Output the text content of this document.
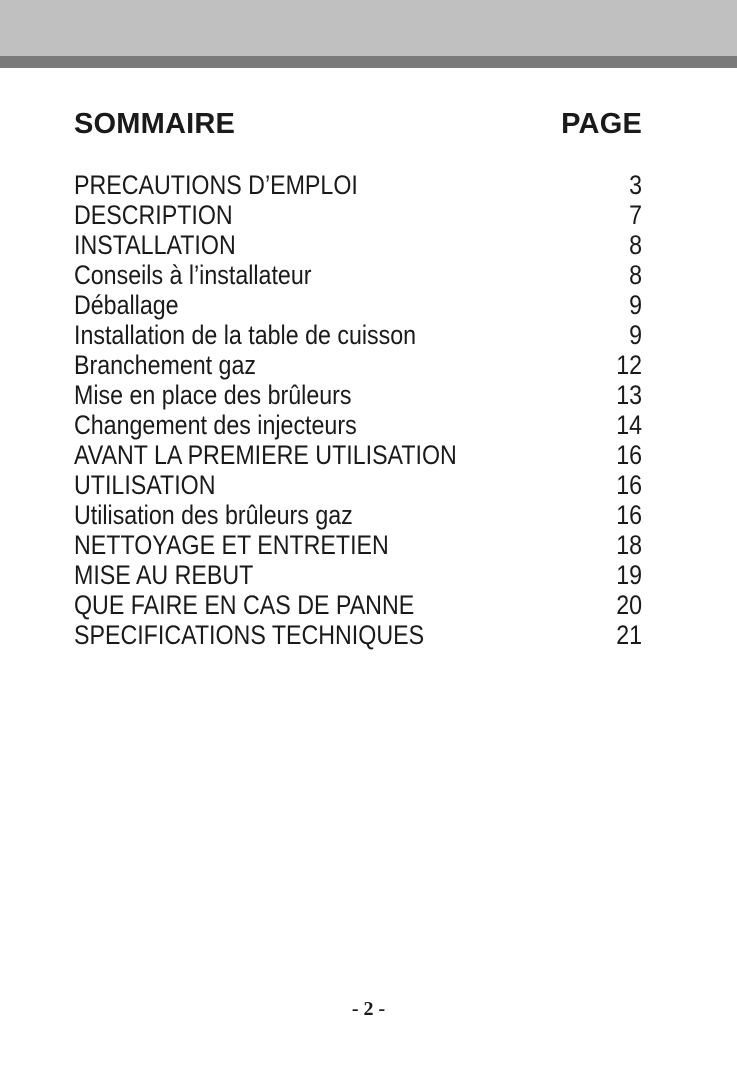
SOMMAIRE	PAGE
PRECAUTIONS D’EMPLOI	3
DESCRIPTION	7
INSTALLATION	8
Conseils à l’installateur	8
Déballage	9
Installation de la table de cuisson	9
Branchement gaz	12
Mise en place des brûleurs	13
Changement des injecteurs	14
AVANT LA PREMIERE UTILISATION	16
UTILISATION	16
Utilisation des brûleurs gaz	16
NETTOYAGE ET ENTRETIEN	18
MISE AU REBUT	19
QUE FAIRE EN CAS DE PANNE	20
SPECIFICATIONS TECHNIQUES	21
- 2 -
